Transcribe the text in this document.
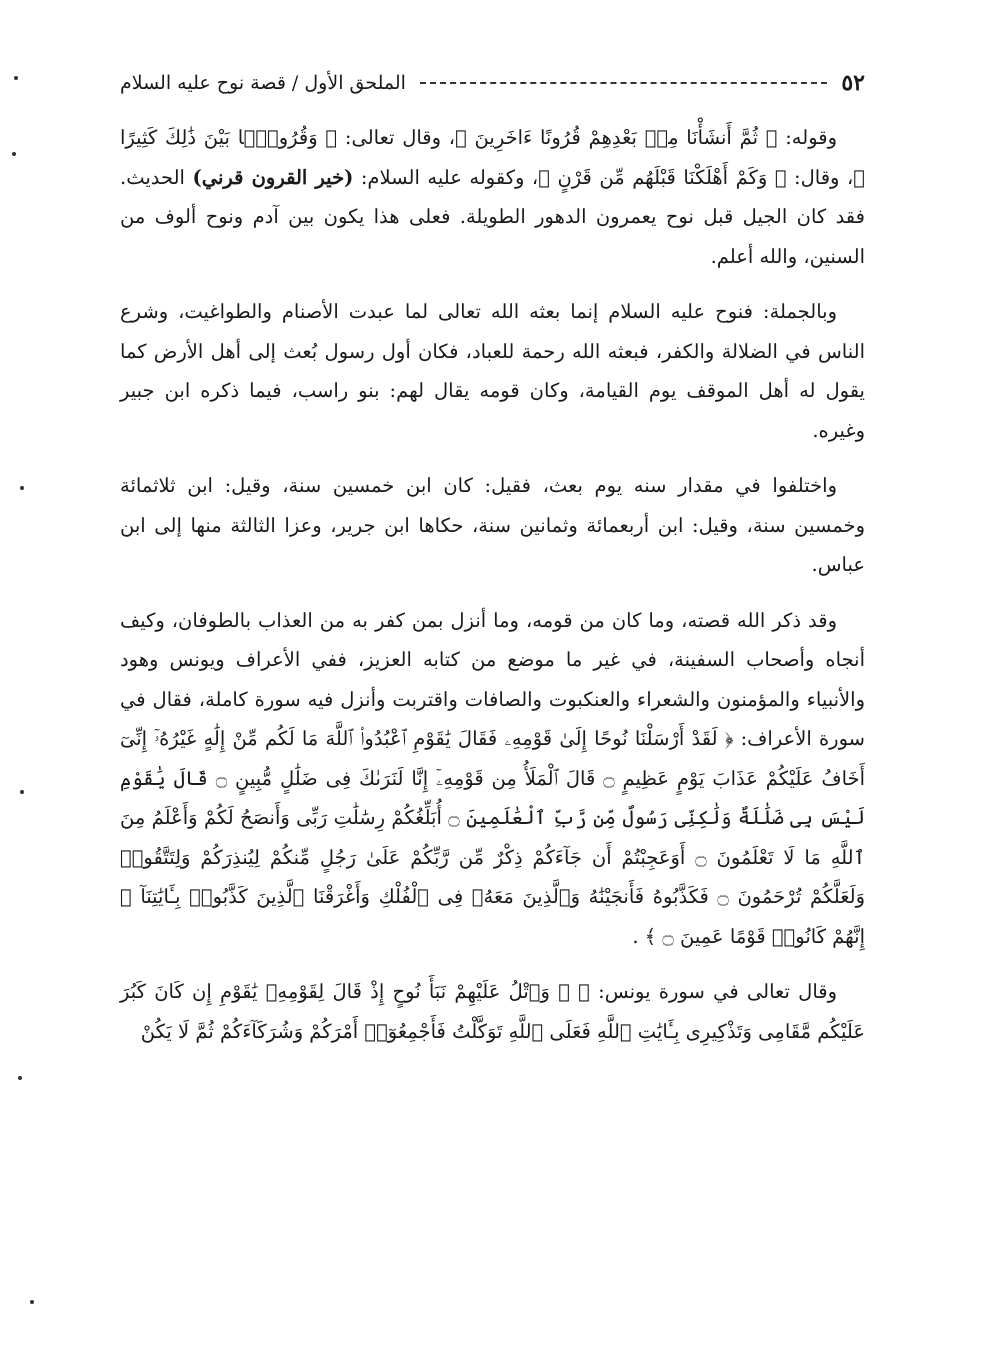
٥٢
الملحق الأول / قصة نوح عليه السلام

وقوله: ﴿ ثُمَّ أَنشَأْنَا مِنۢ بَعْدِهِمْ قُرُونًا ءَاخَرِينَ ﴾، وقال تعالى: ﴿ وَقُرُونًۢا بَيْنَ ذَٰلِكَ كَثِيرًا ﴾، وقال: ﴿ وَكَمْ أَهْلَكْنَا قَبْلَهُم مِّن قَرْنٍ ﴾، وكقوله عليه السلام: (خير القرون قرني) الحديث. فقد كان الجيل قبل نوح يعمرون الدهور الطويلة. فعلى هذا يكون بين آدم ونوح ألوف من السنين، والله أعلم.

وبالجملة: فنوح عليه السلام إنما بعثه الله تعالى لما عبدت الأصنام والطواغيت، وشرع الناس في الضلالة والكفر، فبعثه الله رحمة للعباد، فكان أول رسول بُعث إلى أهل الأرض كما يقول له أهل الموقف يوم القيامة، وكان قومه يقال لهم: بنو راسب، فيما ذكره ابن جبير وغيره.

واختلفوا في مقدار سنه يوم بعث، فقيل: كان ابن خمسين سنة، وقيل: ابن ثلاثمائة وخمسين سنة، وقيل: ابن أربعمائة وثمانين سنة، حكاها ابن جرير، وعزا الثالثة منها إلى ابن عباس.

وقد ذكر الله قصته، وما كان من قومه، وما أنزل بمن كفر به من العذاب بالطوفان، وكيف أنجاه وأصحاب السفينة، في غير ما موضع من كتابه العزيز، ففي الأعراف ويونس وهود والأنبياء والمؤمنون والشعراء والعنكبوت والصافات واقتربت وأنزل فيه سورة كاملة، فقال في سورة الأعراف: ﴿ لَقَدْ أَرْسَلْنَا نُوحًا إِلَىٰ قَوْمِهِۦ فَقَالَ يَٰقَوْمِ ٱعْبُدُوا۟ ٱللَّهَ مَا لَكُم مِّنْ إِلَٰهٍ غَيْرُهُۥٓ إِنِّىٓ أَخَافُ عَلَيْكُمْ عَذَابَ يَوْمٍ عَظِيمٍ ۝ قَالَ ٱلْمَلَأُ مِن قَوْمِهِۦٓ إِنَّا لَنَرَىٰكَ فِى ضَلَٰلٍ مُّبِينٍ ۝ قَالَ يَٰقَوْمِ لَيْسَ بِى ضَلَٰلَةٌ وَلَٰكِنِّى رَسُولٌ مِّن رَّبِّ ٱلْعَٰلَمِينَ ۝ أُبَلِّغُكُمْ رِسَٰلَٰتِ رَبِّى وَأَنصَحُ لَكُمْ وَأَعْلَمُ مِنَ ٱللَّهِ مَا لَا تَعْلَمُونَ ۝ أَوَعَجِبْتُمْ أَن جَآءَكُمْ ذِكْرٌ مِّن رَّبِّكُمْ عَلَىٰ رَجُلٍ مِّنكُمْ لِيُنذِرَكُمْ وَلِتَتَّقُوا۟ وَلَعَلَّكُمْ تُرْحَمُونَ ۝ فَكَذَّبُوهُ فَأَنجَيْنَٰهُ وَٱلَّذِينَ مَعَهُۥ فِى ٱلْفُلْكِ وَأَغْرَقْنَا ٱلَّذِينَ كَذَّبُوا۟ بِـَٔايَٰتِنَآ ۚ إِنَّهُمْ كَانُوا۟ قَوْمًا عَمِينَ ۝ ﴾ .

وقال تعالى في سورة يونس: ﴿ ۞ وَٱتْلُ عَلَيْهِمْ نَبَأَ نُوحٍ إِذْ قَالَ لِقَوْمِهِۦ يَٰقَوْمِ إِن كَانَ كَبُرَ عَلَيْكُم مَّقَامِى وَتَذْكِيرِى بِـَٔايَٰتِ ٱللَّهِ فَعَلَى ٱللَّهِ تَوَكَّلْتُ فَأَجْمِعُوٓا۟ أَمْرَكُمْ وَشُرَكَآءَكُمْ ثُمَّ لَا يَكُنْ
